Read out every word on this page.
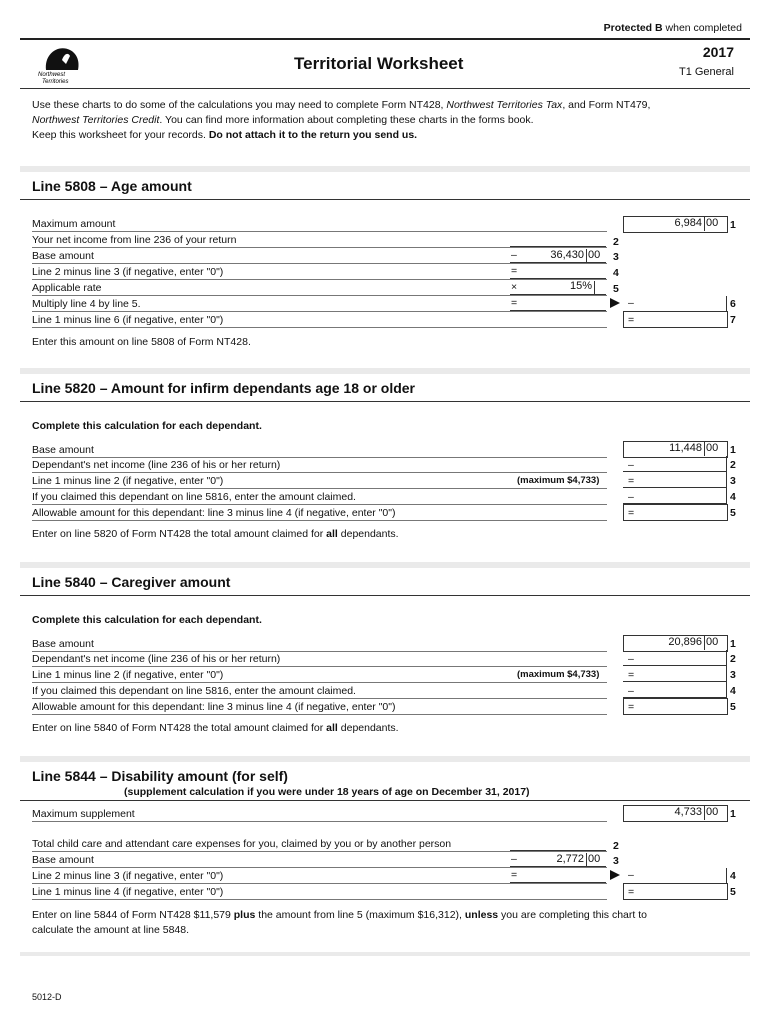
Protected B when completed
Northwest
Territories
Territorial Worksheet
2017
T1 General
Use these charts to do some of the calculations you may need to complete Form NT428, Northwest Territories Tax, and Form NT479,
Northwest Territories Credit. You can find more information about completing these charts in the forms book.
Keep this worksheet for your records. Do not attach it to the return you send us.
Line 5808 – Age amount
Maximum amount	6,984 00	1
Your net income from line 236 of your return	2
Base amount	–	36,430 00	3
Line 2 minus line 3 (if negative, enter "0")	=	4
Applicable rate	×	15% 5
Multiply line 4 by line 5.	=	–	6
Line 1 minus line 6 (if negative, enter "0")	=	7
Enter this amount on line 5808 of Form NT428.
Line 5820 – Amount for infirm dependants age 18 or older
Complete this calculation for each dependant.
Base amount	11,448 00	1
Dependant's net income (line 236 of his or her return)	–	2
Line 1 minus line 2 (if negative, enter "0")	(maximum $4,733)	=	3
If you claimed this dependant on line 5816, enter the amount claimed.	–	4
Allowable amount for this dependant: line 3 minus line 4 (if negative, enter "0")	=	5
Enter on line 5820 of Form NT428 the total amount claimed for all dependants.
Line 5840 – Caregiver amount
Complete this calculation for each dependant.
Base amount	20,896 00	1
Dependant's net income (line 236 of his or her return)	–	2
Line 1 minus line 2 (if negative, enter "0")	(maximum $4,733)	=	3
If you claimed this dependant on line 5816, enter the amount claimed.	–	4
Allowable amount for this dependant: line 3 minus line 4 (if negative, enter "0")	=	5
Enter on line 5840 of Form NT428 the total amount claimed for all dependants.
Line 5844 – Disability amount (for self)
(supplement calculation if you were under 18 years of age on December 31, 2017)
Maximum supplement	4,733 00	1
Total child care and attendant care expenses for you, claimed by you or by another person	2
Base amount	–	2,772 00	3
Line 2 minus line 3 (if negative, enter "0")	=	–	4
Line 1 minus line 4 (if negative, enter "0")	=	5
Enter on line 5844 of Form NT428 $11,579 plus the amount from line 5 (maximum $16,312), unless you are completing this chart to
calculate the amount at line 5848.
5012-D
